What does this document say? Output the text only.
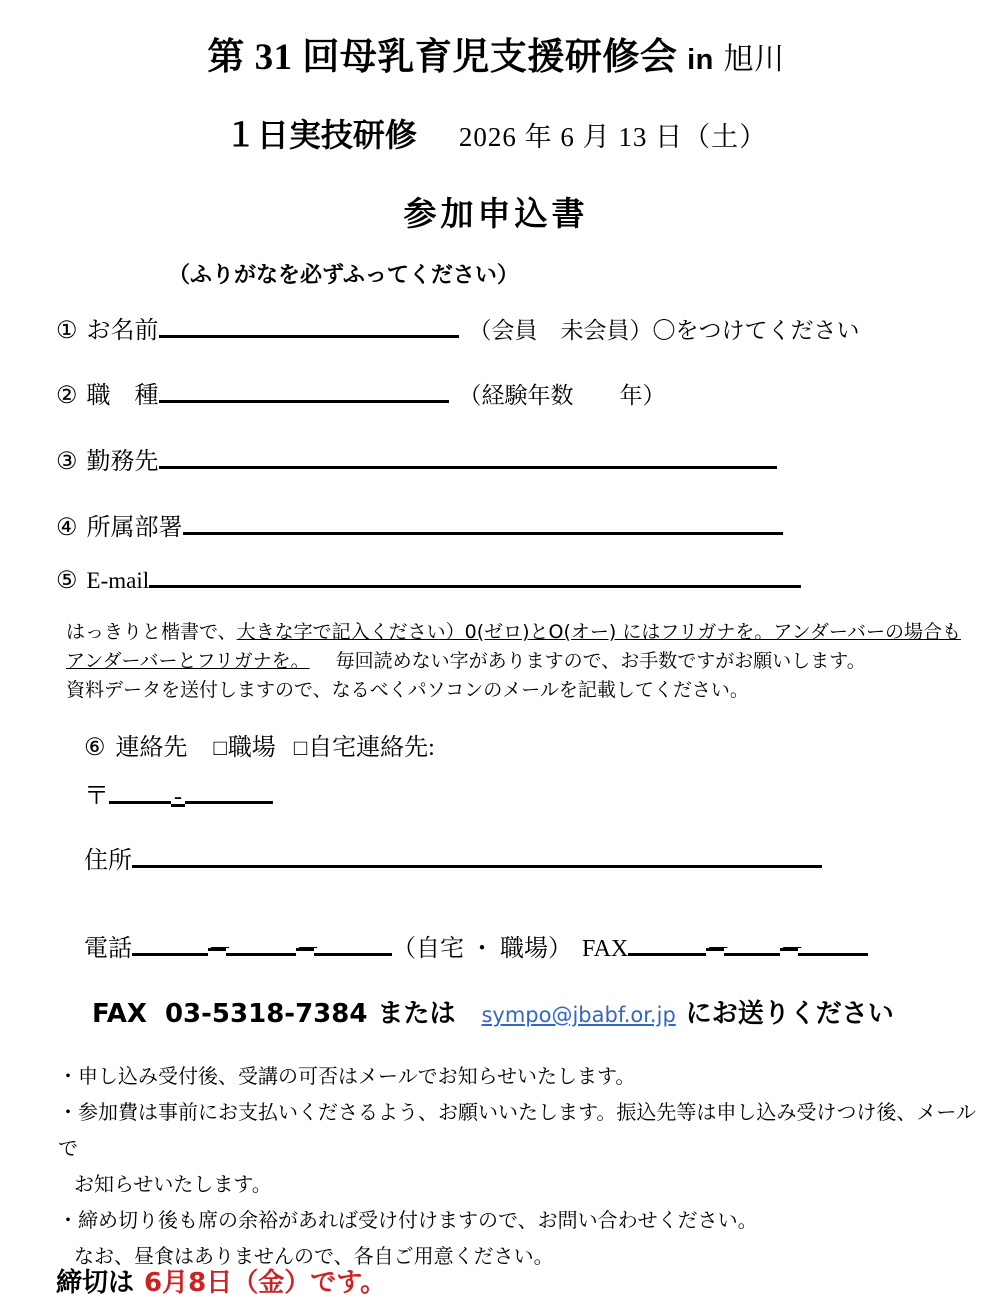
第 31 回母乳育児支援研修会 in 旭川
１日実技研修 2026 年 6 月 13 日（土）
参加申込書
（ふりがなを必ずふってください）
① お名前	（会員　未会員）〇をつけてください
② 職　種	（経験年数　　年）
③ 勤務先
④ 所属部署
⑤ E-mail
はっきりと楷書で、大きな字で記入ください）0(ゼロ)とO(オー) にはフリガナを。アンダーバーの場合も
アンダーバーとフリガナを。 毎回読めない字がありますので、お手数ですがお願いします。
資料データを送付しますので、なるべくパソコンのメールを記載してください。
⑥ 連絡先 □職場 □自宅連絡先:
〒	-
住所
電話	－	－	（自宅 ・ 職場） FAX	－ －
FAX 03-5318-7384 または sympo@jbabf.or.jp にお送りください
・申し込み受付後、受講の可否はメールでお知らせいたします。
・参加費は事前にお支払いくださるよう、お願いいたします。振込先等は申し込み受けつけ後、メールで
お知らせいたします。
・締め切り後も席の余裕があれば受け付けますので、お問い合わせください。
なお、昼食はありませんので、各自ご用意ください。
締切は 6月8日（金）です。
